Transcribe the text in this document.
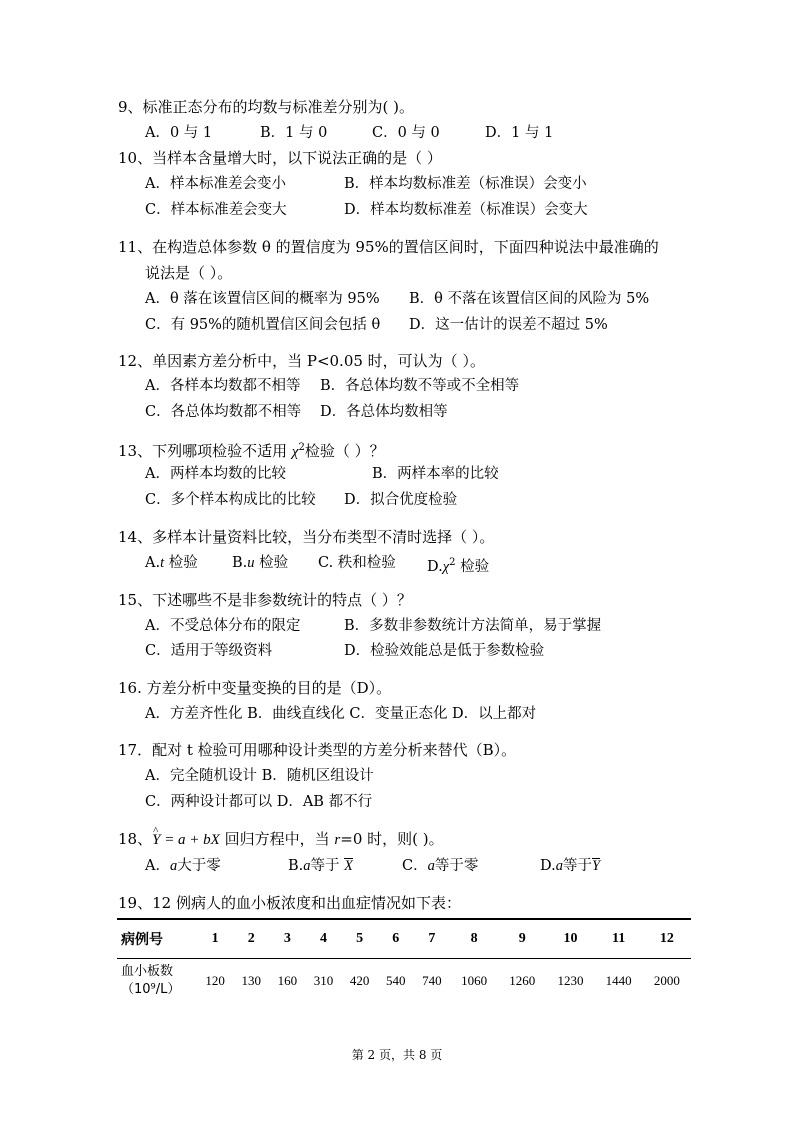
9、标准正态分布的均数与标准差分别为( )。
A．0 与 1	B．1 与 0	C．0 与 0	D．1 与 1
10、当样本含量增大时，以下说法正确的是（ ）
A．样本标准差会变小	B．样本均数标准差（标准误）会变小
C．样本标准差会变大	D．样本均数标准差（标准误）会变大
11、在构造总体参数 θ 的置信度为 95%的置信区间时，下面四种说法中最准确的
说法是（ ）。
A．θ 落在该置信区间的概率为 95% B．θ 不落在该置信区间的风险为 5%
C．有 95%的随机置信区间会包括 θ D．这一估计的误差不超过 5%
12、单因素方差分析中，当 P<0.05 时，可认为（ ）。
A．各样本均数都不相等 B．各总体均数不等或不全相等
C．各总体均数都不相等 D．各总体均数相等
13、下列哪项检验不适用 $\chi^2$检验（ ）？
A．两样本均数的比较	B．两样本率的比较
C．多个样本构成比的比较 D．拟合优度检验
14、多样本计量资料比较，当分布类型不清时选择（ ）。
A.t 检验 B.u 检验 C. 秩和检验 $D.\chi^2$ 检验
15、下述哪些不是非参数统计的特点（ ）？
A．不受总体分布的限定	B．多数非参数统计方法简单，易于掌握
C．适用于等级资料	D．检验效能总是低于参数检验
16. 方差分析中变量变换的目的是（D）。
A．方差齐性化 B．曲线直线化 C．变量正态化 D．以上都对
17．配对 t 检验可用哪种设计类型的方差分析来替代（B）。
A．完全随机设计 B．随机区组设计
C．两种设计都可以 D．AB 都不行
18、^ Y = a + bX 回归方程中，当 r=0 时，则( )。
A．a大于零	B.a等于 X	C．a等于零	D.a等于Y
19、12 例病人的血小板浓度和出血症情况如下表：
病例号	1	2	3	4	5	6	7	8	9	10	11	12

血小板数
（10⁹/L）	120	130	160	310	420	540	740	1060	1260	1230	1440	2000
第 2 页，共 8 页
